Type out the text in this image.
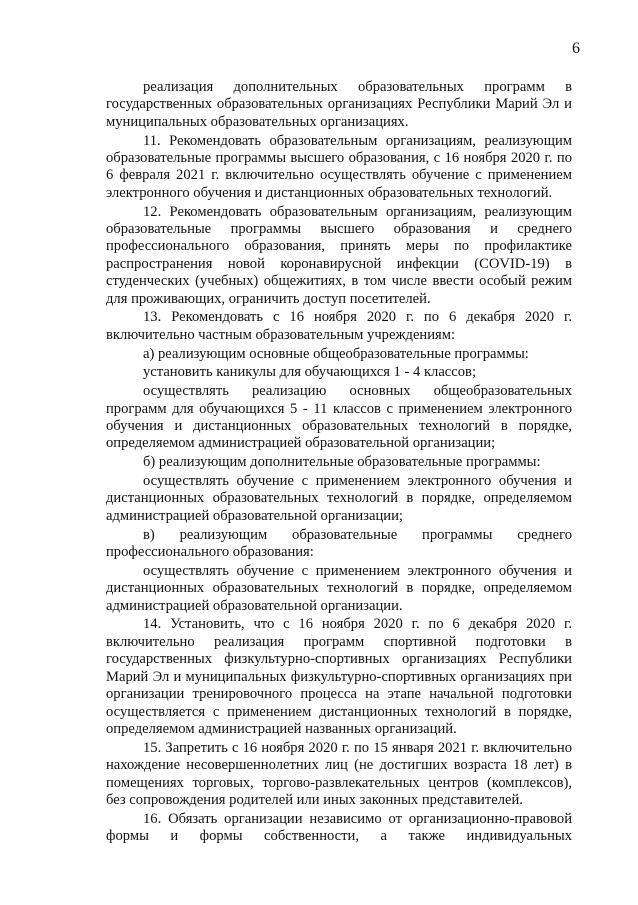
6

реализация дополнительных образовательных программ в государственных образовательных организациях Республики Марий Эл и муниципальных образовательных организациях.

11. Рекомендовать образовательным организациям, реализующим образовательные программы высшего образования, с 16 ноября 2020 г. по 6 февраля 2021 г. включительно осуществлять обучение с применением электронного обучения и дистанционных образовательных технологий.

12. Рекомендовать образовательным организациям, реализующим образовательные программы высшего образования и среднего профессионального образования, принять меры по профилактике распространения новой коронавирусной инфекции (COVID-19) в студенческих (учебных) общежитиях, в том числе ввести особый режим для проживающих, ограничить доступ посетителей.

13. Рекомендовать с 16 ноября 2020 г. по 6 декабря 2020 г. включительно частным образовательным учреждениям:

а) реализующим основные общеобразовательные программы:

установить каникулы для обучающихся 1 - 4 классов;

осуществлять реализацию основных общеобразовательных программ для обучающихся 5 - 11 классов с применением электронного обучения и дистанционных образовательных технологий в порядке, определяемом администрацией образовательной организации;

б) реализующим дополнительные образовательные программы:

осуществлять обучение с применением электронного обучения и дистанционных образовательных технологий в порядке, определяемом администрацией образовательной организации;

в) реализующим образовательные программы среднего профессионального образования:

осуществлять обучение с применением электронного обучения и дистанционных образовательных технологий в порядке, определяемом администрацией образовательной организации.

14. Установить, что с 16 ноября 2020 г. по 6 декабря 2020 г. включительно реализация программ спортивной подготовки в государственных физкультурно-спортивных организациях Республики Марий Эл и муниципальных физкультурно-спортивных организациях при организации тренировочного процесса на этапе начальной подготовки осуществляется с применением дистанционных технологий в порядке, определяемом администрацией названных организаций.

15. Запретить с 16 ноября 2020 г. по 15 января 2021 г. включительно нахождение несовершеннолетних лиц (не достигших возраста 18 лет) в помещениях торговых, торгово-развлекательных центров (комплексов), без сопровождения родителей или иных законных представителей.

16. Обязать организации независимо от организационно-правовой формы и формы собственности, а также индивидуальных
